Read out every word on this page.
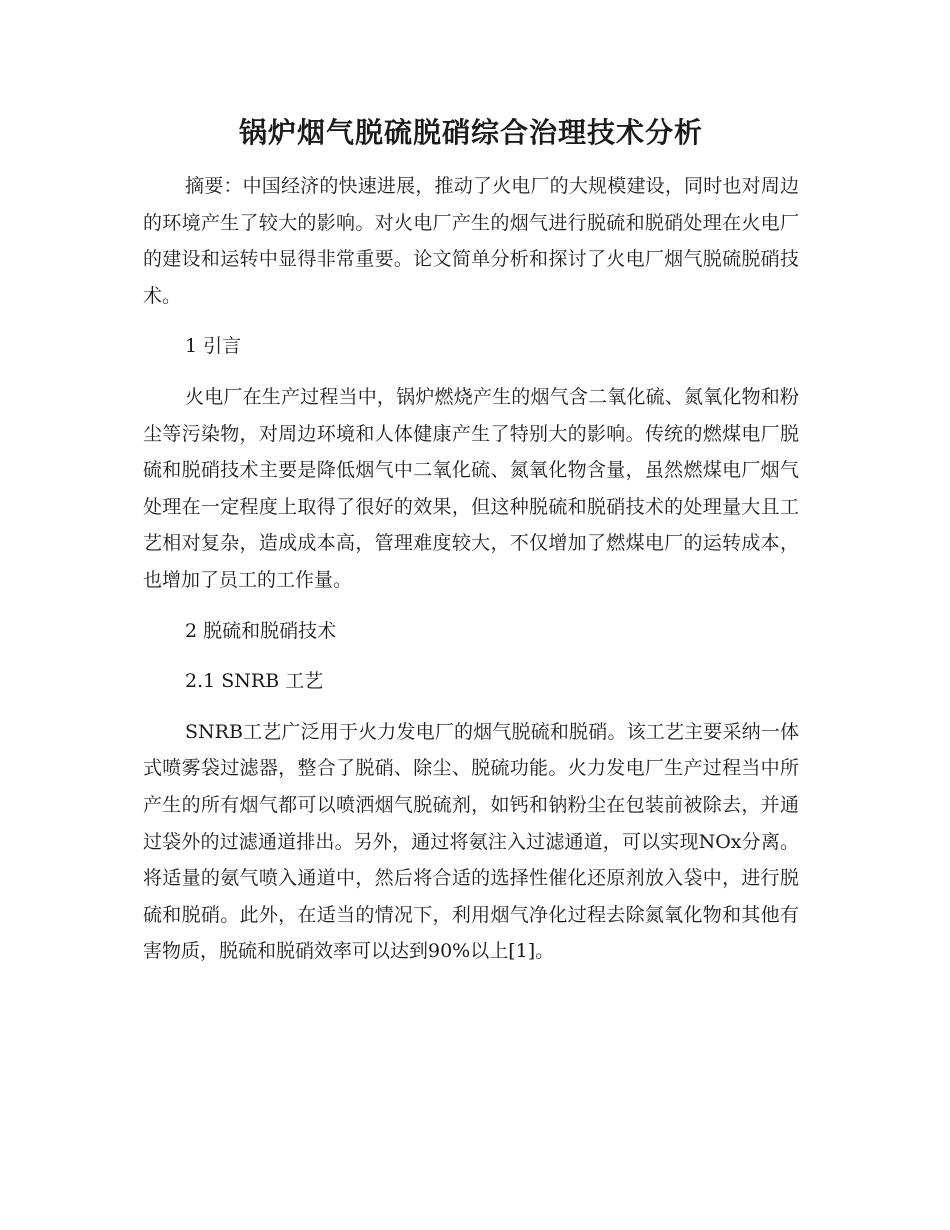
锅炉烟气脱硫脱硝综合治理技术分析

摘要：中国经济的快速进展，推动了火电厂的大规模建设，同时也对周边的环境产生了较大的影响。对火电厂产生的烟气进行脱硫和脱硝处理在火电厂的建设和运转中显得非常重要。论文简单分析和探讨了火电厂烟气脱硫脱硝技术。

1 引言

火电厂在生产过程当中，锅炉燃烧产生的烟气含二氧化硫、氮氧化物和粉尘等污染物，对周边环境和人体健康产生了特别大的影响。传统的燃煤电厂脱硫和脱硝技术主要是降低烟气中二氧化硫、氮氧化物含量，虽然燃煤电厂烟气处理在一定程度上取得了很好的效果，但这种脱硫和脱硝技术的处理量大且工艺相对复杂，造成成本高，管理难度较大，不仅增加了燃煤电厂的运转成本，也增加了员工的工作量。

2 脱硫和脱硝技术

2.1 SNRB 工艺

SNRB工艺广泛用于火力发电厂的烟气脱硫和脱硝。该工艺主要采纳一体式喷雾袋过滤器，整合了脱硝、除尘、脱硫功能。火力发电厂生产过程当中所产生的所有烟气都可以喷洒烟气脱硫剂，如钙和钠粉尘在包装前被除去，并通过袋外的过滤通道排出。另外，通过将氨注入过滤通道，可以实现NOx分离。将适量的氨气喷入通道中，然后将合适的选择性催化还原剂放入袋中，进行脱硫和脱硝。此外，在适当的情况下，利用烟气净化过程去除氮氧化物和其他有害物质，脱硫和脱硝效率可以达到90%以上[1]。
